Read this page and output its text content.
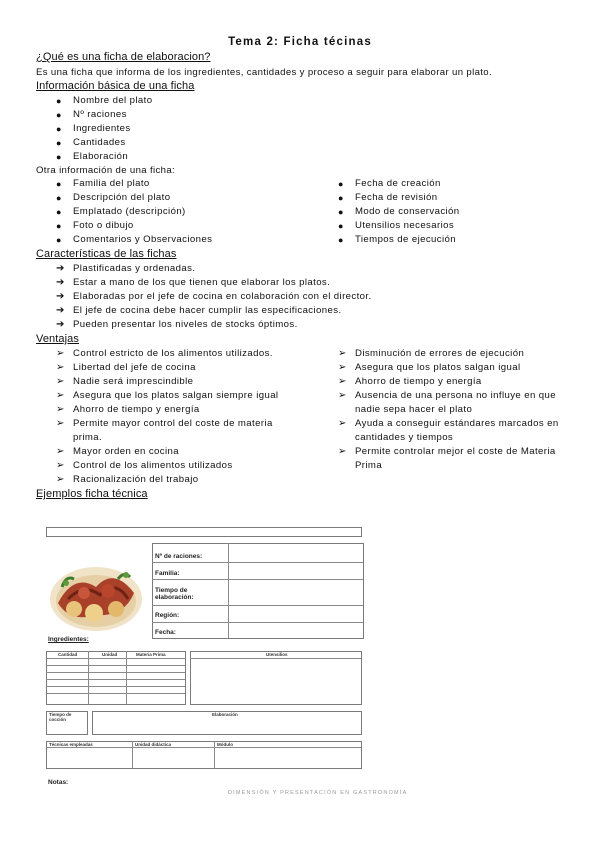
Tema 2: Ficha técinas
¿Qué es una ficha de elaboracion?
Es una ficha que informa de los ingredientes, cantidades y proceso a seguir para elaborar un plato.
Información básica de una ficha
● Nombre del plato
● Nº raciones
● Ingredientes
● Cantidades
● Elaboración
Otra información de una ficha:
● Familia del plato
● Descripción del plato
● Emplatado (descripción)
● Foto o dibujo
● Comentarios y Observaciones
● Fecha de creación
● Fecha de revisión
● Modo de conservación
● Utensilios necesarios
● Tiempos de ejecución
Características de las fichas
➔ Plastificadas y ordenadas.
➔ Estar a mano de los que tienen que elaborar los platos.
➔ Elaboradas por el jefe de cocina en colaboración con el director.
➔ El jefe de cocina debe hacer cumplir las especificaciones.
➔ Pueden presentar los niveles de stocks óptimos.
Ventajas
➢ Control estricto de los alimentos utilizados.
➢ Libertad del jefe de cocina
➢ Nadie será imprescindible
➢ Asegura que los platos salgan siempre igual
➢ Ahorro de tiempo y energía
➢ Permite mayor control del coste de materia prima.
➢ Mayor orden en cocina
➢ Control de los alimentos utilizados
➢ Racionalización del trabajo
➢ Disminución de errores de ejecución
➢ Asegura que los platos salgan igual
➢ Ahorro de tiempo y energía
➢ Ausencia de una persona no influye en que nadie sepa hacer el plato
➢ Ayuda a conseguir estándares marcados en cantidades y tiempos
➢ Permite controlar mejor el coste de Materia Prima
Ejemplos ficha técnica
Nº de raciones:
Familia:
Tiempo de elaboración:
Región:
Fecha:
Ingredientes:
Cantidad	Unidad	Materia Prima	Utensilios
Tiempo de cocción
Elaboración
Técnicas empleadas	Unidad didáctica	Módulo
Notas:
DIMENSIÓN Y PRESENTACIÓN EN GASTRONOMÍA
